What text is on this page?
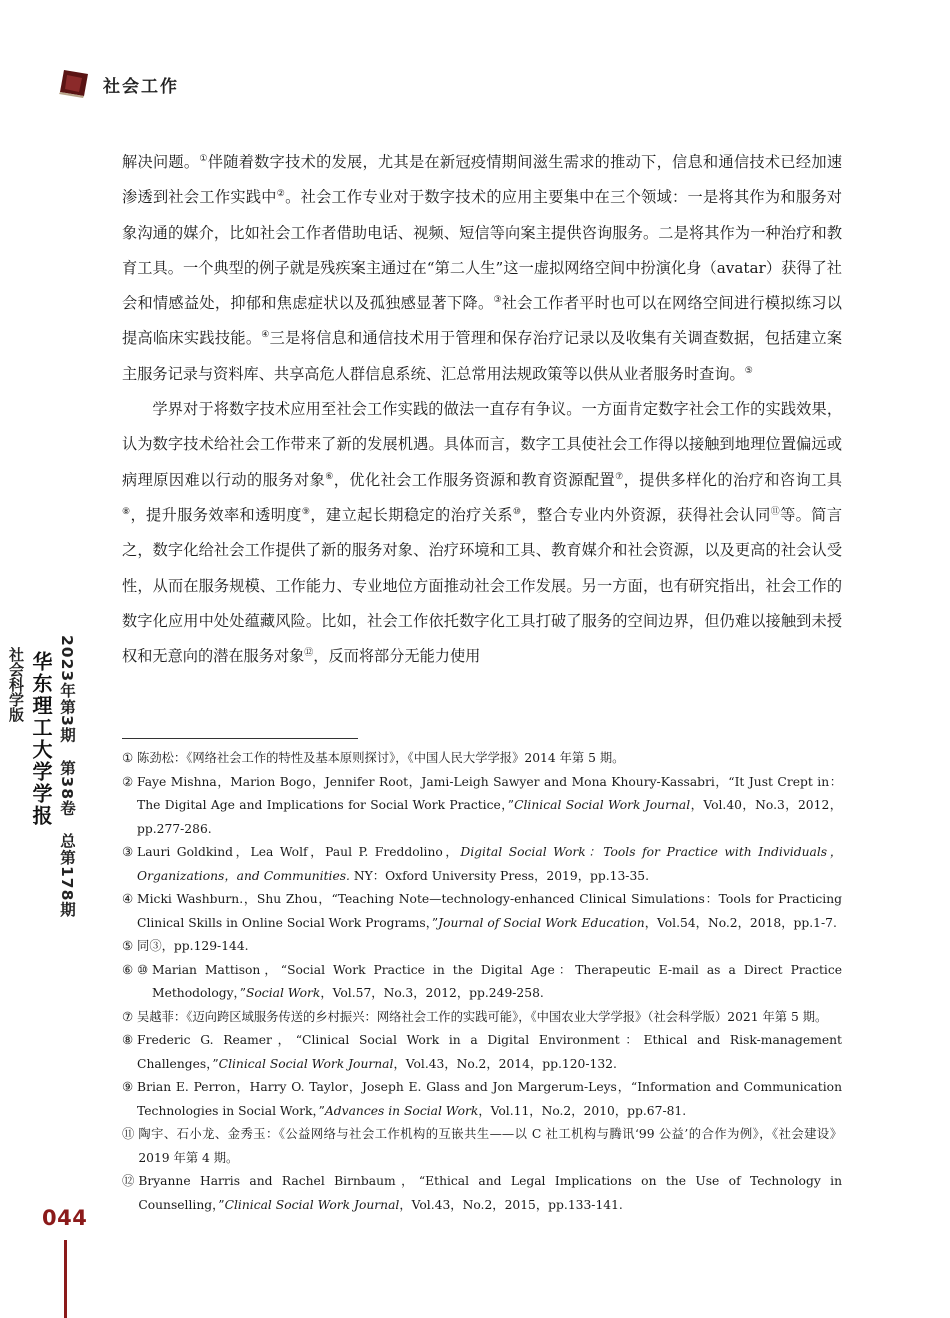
社会工作

解决问题。①伴随着数字技术的发展，尤其是在新冠疫情期间滋生需求的推动下，信息和通信技术已经加速渗透到社会工作实践中②。社会工作专业对于数字技术的应用主要集中在三个领域：一是将其作为和服务对象沟通的媒介，比如社会工作者借助电话、视频、短信等向案主提供咨询服务。二是将其作为一种治疗和教育工具。一个典型的例子就是残疾案主通过在“第二人生”这一虚拟网络空间中扮演化身（avatar）获得了社会和情感益处，抑郁和焦虑症状以及孤独感显著下降。③社会工作者平时也可以在网络空间进行模拟练习以提高临床实践技能。④三是将信息和通信技术用于管理和保存治疗记录以及收集有关调查数据，包括建立案主服务记录与资料库、共享高危人群信息系统、汇总常用法规政策等以供从业者服务时查询。⑤

学界对于将数字技术应用至社会工作实践的做法一直存有争议。一方面肯定数字社会工作的实践效果，认为数字技术给社会工作带来了新的发展机遇。具体而言，数字工具使社会工作得以接触到地理位置偏远或病理原因难以行动的服务对象⑥，优化社会工作服务资源和教育资源配置⑦，提供多样化的治疗和咨询工具⑧，提升服务效率和透明度⑨，建立起长期稳定的治疗关系⑩，整合专业内外资源，获得社会认同⑪等。简言之，数字化给社会工作提供了新的服务对象、治疗环境和工具、教育媒介和社会资源，以及更高的社会认受性，从而在服务规模、工作能力、专业地位方面推动社会工作发展。另一方面，也有研究指出，社会工作的数字化应用中处处蕴藏风险。比如，社会工作依托数字化工具打破了服务的空间边界，但仍难以接触到未授权和无意向的潜在服务对象⑫，反而将部分无能力使用

① 陈劲松：《网络社会工作的特性及基本原则探讨》，《中国人民大学学报》2014 年第 5 期。
② Faye Mishna，Marion Bogo，Jennifer Root，Jami-Leigh Sawyer and Mona Khoury-Kassabri，“It Just Crept in：The Digital Age and Implications for Social Work Practice，”Clinical Social Work Journal，Vol.40，No.3，2012，pp.277-286.
③ Lauri Goldkind，Lea Wolf，Paul P. Freddolino，Digital Social Work：Tools for Practice with Individuals，Organizations，and Communities. NY：Oxford University Press，2019，pp.13-35.
④ Micki Washburn.，Shu Zhou，“Teaching Note—technology-enhanced Clinical Simulations：Tools for Practicing Clinical Skills in Online Social Work Programs，”Journal of Social Work Education，Vol.54，No.2，2018，pp.1-7.
⑤ 同③，pp.129-144.
⑥ ⑩ Marian Mattison，“Social Work Practice in the Digital Age：Therapeutic E-mail as a Direct Practice Methodology，”Social Work，Vol.57，No.3，2012，pp.249-258.
⑦ 吴越菲：《迈向跨区域服务传送的乡村振兴：网络社会工作的实践可能》，《中国农业大学学报》（社会科学版）2021 年第 5 期。
⑧ Frederic G. Reamer，“Clinical Social Work in a Digital Environment：Ethical and Risk-management Challenges，”Clinical Social Work Journal，Vol.43，No.2，2014，pp.120-132.
⑨ Brian E. Perron，Harry O. Taylor，Joseph E. Glass and Jon Margerum-Leys，“Information and Communication Technologies in Social Work，”Advances in Social Work，Vol.11，No.2，2010，pp.67-81.
⑪ 陶宇、石小龙、金秀玉：《公益网络与社会工作机构的互嵌共生——以 C 社工机构与腾讯‘99 公益’的合作为例》，《社会建设》2019 年第 4 期。
⑫ Bryanne Harris and Rachel Birnbaum，“Ethical and Legal Implications on the Use of Technology in Counselling，”Clinical Social Work Journal，Vol.43，No.2，2015，pp.133-141.
2023年第3期　第38卷　总第178期
华东理工大学学报
社会科学版
044
